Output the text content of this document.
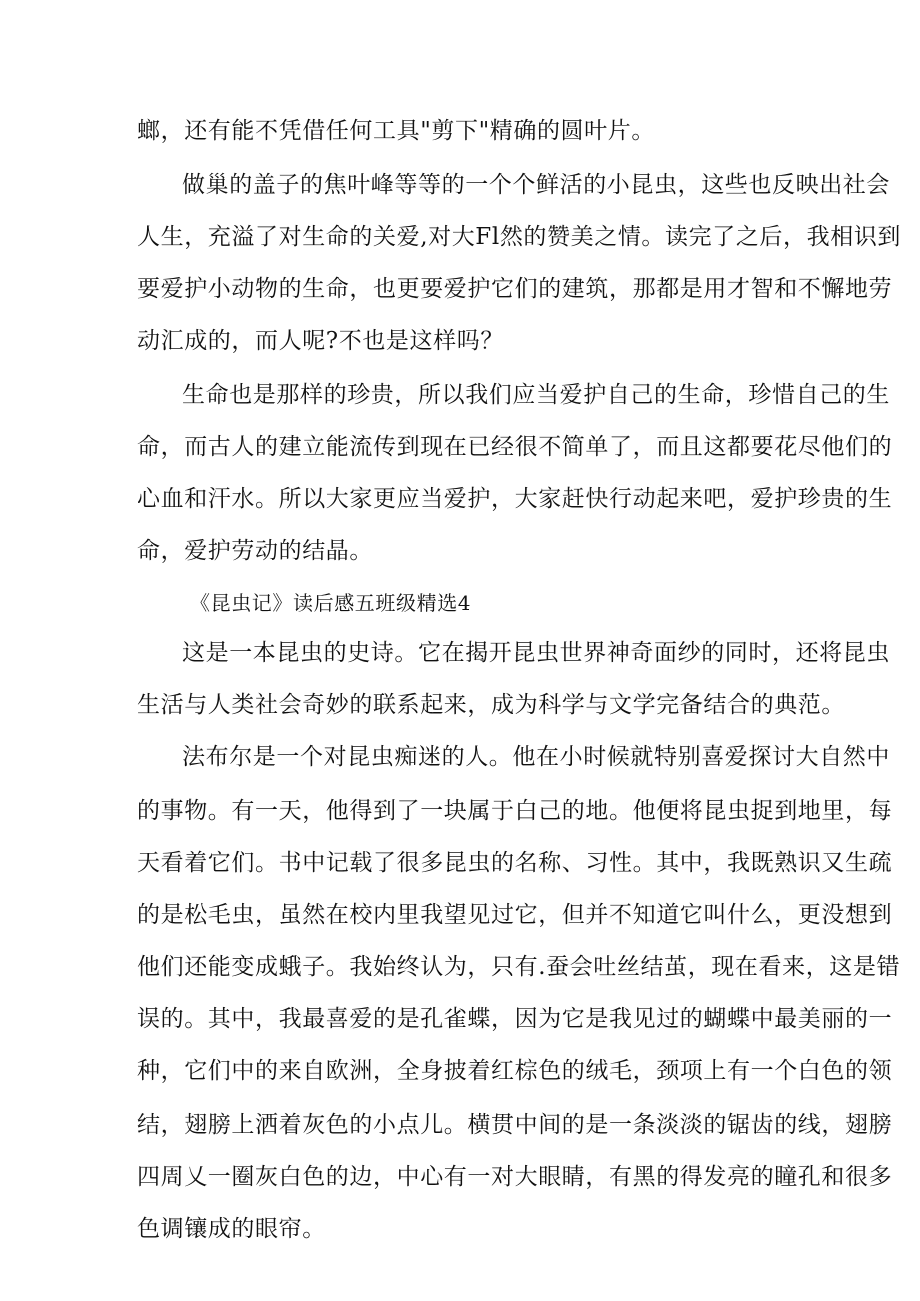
螂，还有能不凭借任何工具"剪下"精确的圆叶片。
做巢的盖子的焦叶峰等等的一个个鲜活的小昆虫，这些也反映出社会
人生，充溢了对生命的关爱,对大Fl然的赞美之情。读完了之后，我相识到
要爱护小动物的生命，也更要爱护它们的建筑，那都是用才智和不懈地劳
动汇成的，而人呢?不也是这样吗？
生命也是那样的珍贵，所以我们应当爱护自己的生命，珍惜自己的生
命，而古人的建立能流传到现在已经很不简单了，而且这都要花尽他们的
心血和汗水。所以大家更应当爱护，大家赶快行动起来吧，爱护珍贵的生
命，爱护劳动的结晶。
《昆虫记》读后感五班级精选4
这是一本昆虫的史诗。它在揭开昆虫世界神奇面纱的同时，还将昆虫
生活与人类社会奇妙的联系起来，成为科学与文学完备结合的典范。
法布尔是一个对昆虫痴迷的人。他在小时候就特别喜爱探讨大自然中
的事物。有一天，他得到了一块属于白己的地。他便将昆虫捉到地里，每
天看着它们。书中记载了很多昆虫的名称、习性。其中，我既熟识又生疏
的是松毛虫，虽然在校内里我望见过它，但并不知道它叫什么，更没想到
他们还能变成蛾子。我始终认为，只有.蚕会吐丝结茧，现在看来，这是错
误的。其中，我最喜爱的是孔雀蝶，因为它是我见过的蝴蝶中最美丽的一
种，它们中的来自欧洲，全身披着红棕色的绒毛，颈项上有一个白色的领
结，翅膀上洒着灰色的小点儿。横贯中间的是一条淡淡的锯齿的线，翅膀
四周乂一圈灰白色的边，中心有一对大眼睛，有黑的得发亮的瞳孔和很多
色调镶成的眼帘。
